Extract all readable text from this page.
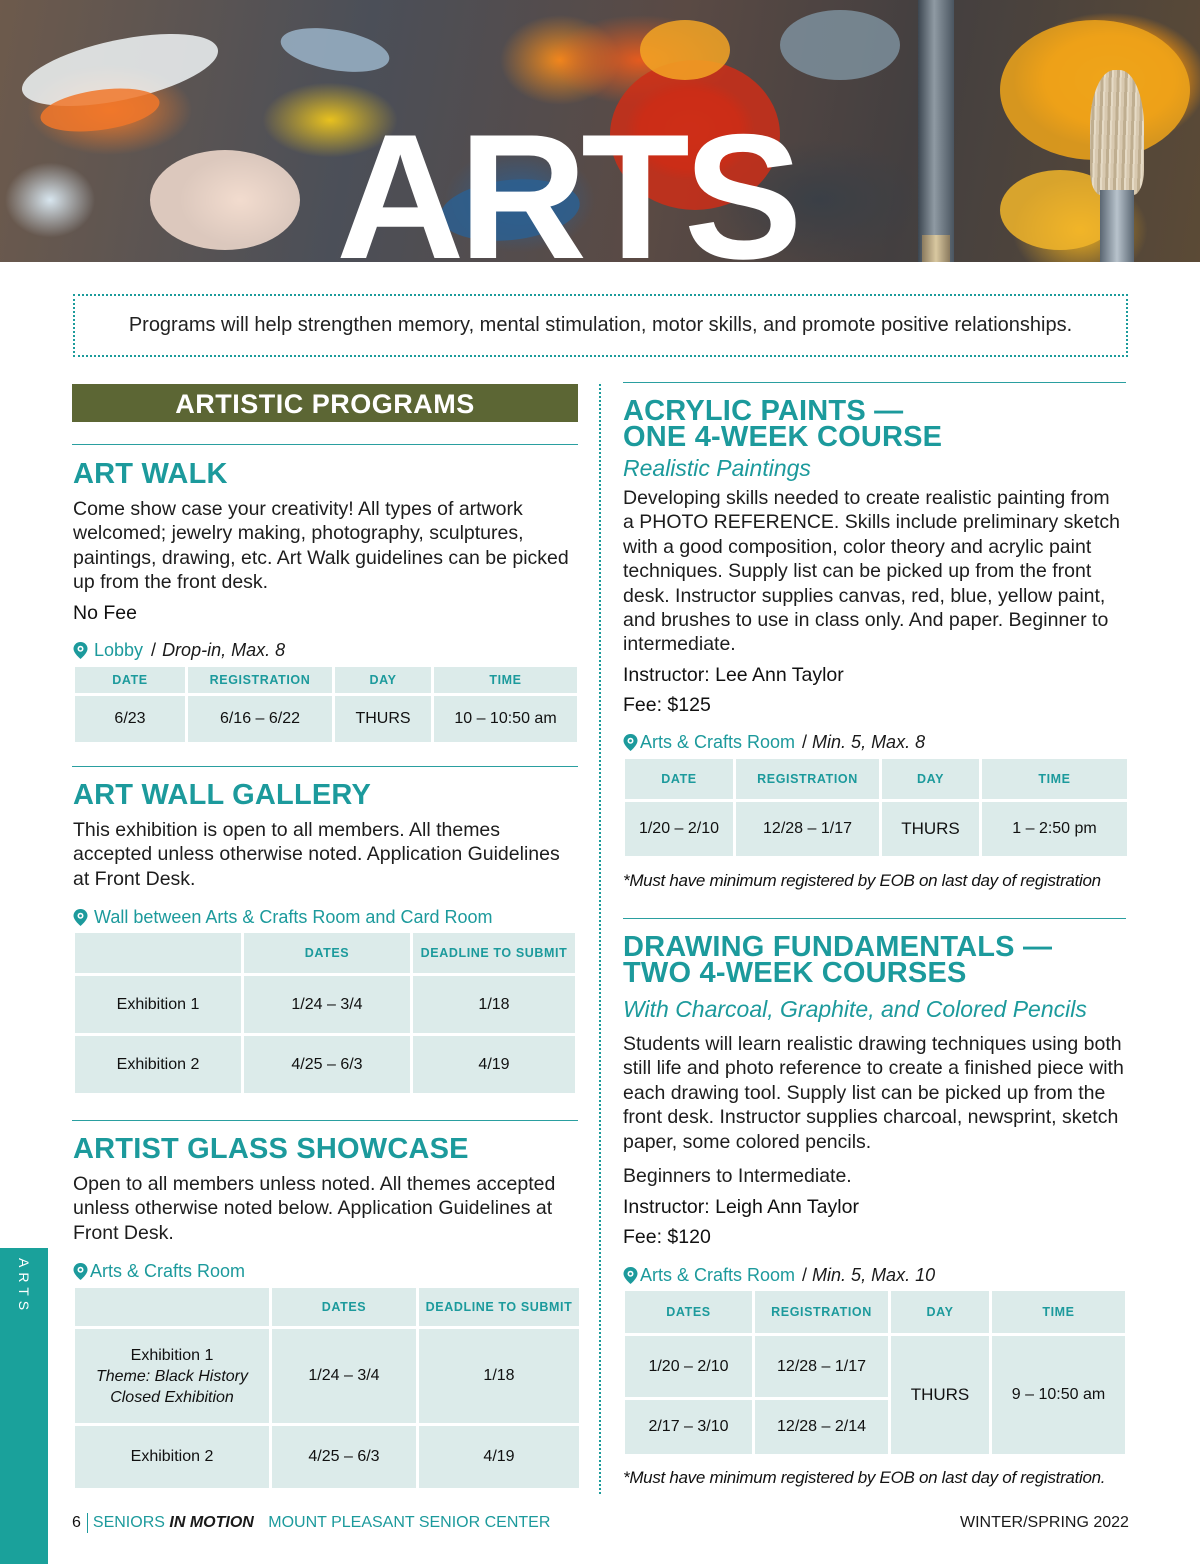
ARTS
Programs will help strengthen memory, mental stimulation, motor skills, and promote positive relationships.
ARTS
ARTISTIC PROGRAMS
ART WALK
Come show case your creativity! All types of artwork welcomed; jewelry making, photography, sculptures, paintings, drawing, etc. Art Walk guidelines can be picked up from the front desk.
No Fee
Lobby / Drop-in, Max. 8
DATE	REGISTRATION	DAY	TIME
6/23	6/16 – 6/22	THURS	10 – 10:50 am
ART WALL GALLERY
This exhibition is open to all members. All themes accepted unless otherwise noted. Application Guidelines at Front Desk.
Wall between Arts & Crafts Room and Card Room
	DATES	DEADLINE TO SUBMIT
Exhibition 1	1/24 – 3/4	1/18
Exhibition 2	4/25 – 6/3	4/19
ARTIST GLASS SHOWCASE
Open to all members unless noted. All themes accepted unless otherwise noted below. Application Guidelines at Front Desk.
Arts & Crafts Room
	DATES	DEADLINE TO SUBMIT

Exhibition 1
Theme: Black History
Closed Exhibition	1/24 – 3/4	1/18
Exhibition 2	4/25 – 6/3	4/19
ACRYLIC PAINTS —
ONE 4-WEEK COURSE
Realistic Paintings
Developing skills needed to create realistic painting from a PHOTO REFERENCE. Skills include preliminary sketch with a good composition, color theory and acrylic paint techniques. Supply list can be picked up from the front desk. Instructor supplies canvas, red, blue, yellow paint, and brushes to use in class only. And paper. Beginner to intermediate.
Instructor: Lee Ann Taylor
Fee: $125
Arts & Crafts Room / Min. 5, Max. 8
DATE	REGISTRATION	DAY	TIME
1/20 – 2/10	12/28 – 1/17	THURS	1 – 2:50 pm
*Must have minimum registered by EOB on last day of registration
DRAWING FUNDAMENTALS —
TWO 4-WEEK COURSES
With Charcoal, Graphite, and Colored Pencils
Students will learn realistic drawing techniques using both still life and photo reference to create a finished piece with each drawing tool. Supply list can be picked up from the front desk. Instructor supplies charcoal, newsprint, sketch paper, some colored pencils.
Beginners to Intermediate.
Instructor: Leigh Ann Taylor
Fee: $120
Arts & Crafts Room / Min. 5, Max. 10
DATES	REGISTRATION	DAY	TIME
1/20 – 2/10	12/28 – 1/17	THURS	9 – 10:50 am
2/17 – 3/10	12/28 – 2/14		
*Must have minimum registered by EOB on last day of registration.
6 SENIORS IN MOTION MOUNT PLEASANT SENIOR CENTER	WINTER/SPRING 2022
